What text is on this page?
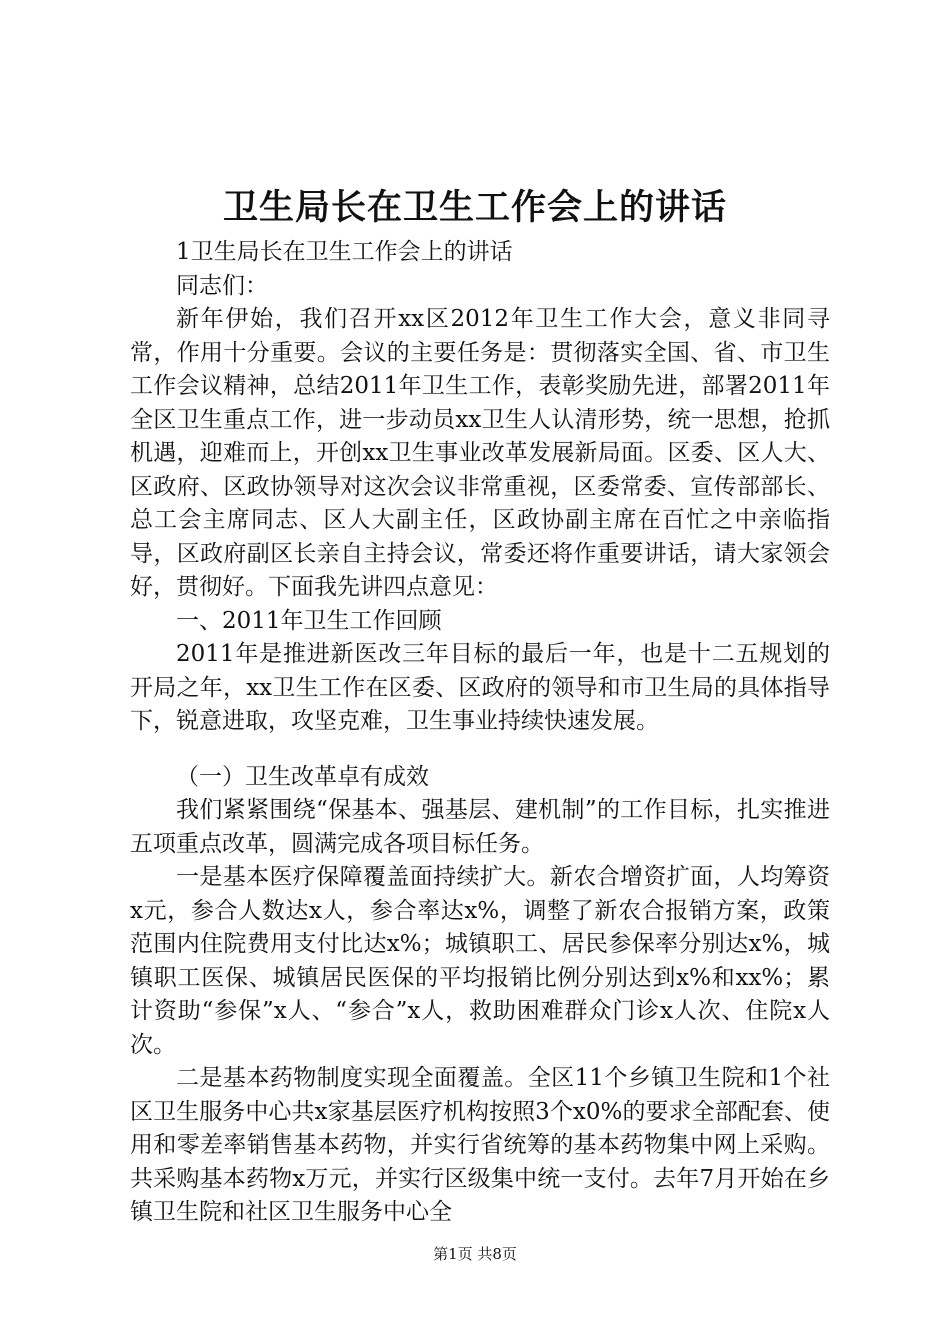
卫生局长在卫生工作会上的讲话

1卫生局长在卫生工作会上的讲话

同志们：

新年伊始，我们召开xx区2012年卫生工作大会，意义非同寻常，作用十分重要。会议的主要任务是：贯彻落实全国、省、市卫生工作会议精神，总结2011年卫生工作，表彰奖励先进，部署2011年全区卫生重点工作，进一步动员xx卫生人认清形势，统一思想，抢抓机遇，迎难而上，开创xx卫生事业改革发展新局面。区委、区人大、区政府、区政协领导对这次会议非常重视，区委常委、宣传部部长、总工会主席同志、区人大副主任，区政协副主席在百忙之中亲临指导，区政府副区长亲自主持会议，常委还将作重要讲话，请大家领会好，贯彻好。下面我先讲四点意见：

一、2011年卫生工作回顾

2011年是推进新医改三年目标的最后一年，也是十二五规划的开局之年，xx卫生工作在区委、区政府的领导和市卫生局的具体指导下，锐意进取，攻坚克难，卫生事业持续快速发展。

（一）卫生改革卓有成效

我们紧紧围绕“保基本、强基层、建机制”的工作目标，扎实推进五项重点改革，圆满完成各项目标任务。

一是基本医疗保障覆盖面持续扩大。新农合增资扩面，人均筹资x元，参合人数达x人，参合率达x%，调整了新农合报销方案，政策范围内住院费用支付比达x%；城镇职工、居民参保率分别达x%，城镇职工医保、城镇居民医保的平均报销比例分别达到x%和xx%；累计资助“参保”x人、“参合”x人，救助困难群众门诊x人次、住院x人次。

二是基本药物制度实现全面覆盖。全区11个乡镇卫生院和1个社区卫生服务中心共x家基层医疗机构按照3个x0%的要求全部配套、使用和零差率销售基本药物，并实行省统筹的基本药物集中网上采购。共采购基本药物x万元，并实行区级集中统一支付。去年7月开始在乡镇卫生院和社区卫生服务中心全

第1页 共8页
